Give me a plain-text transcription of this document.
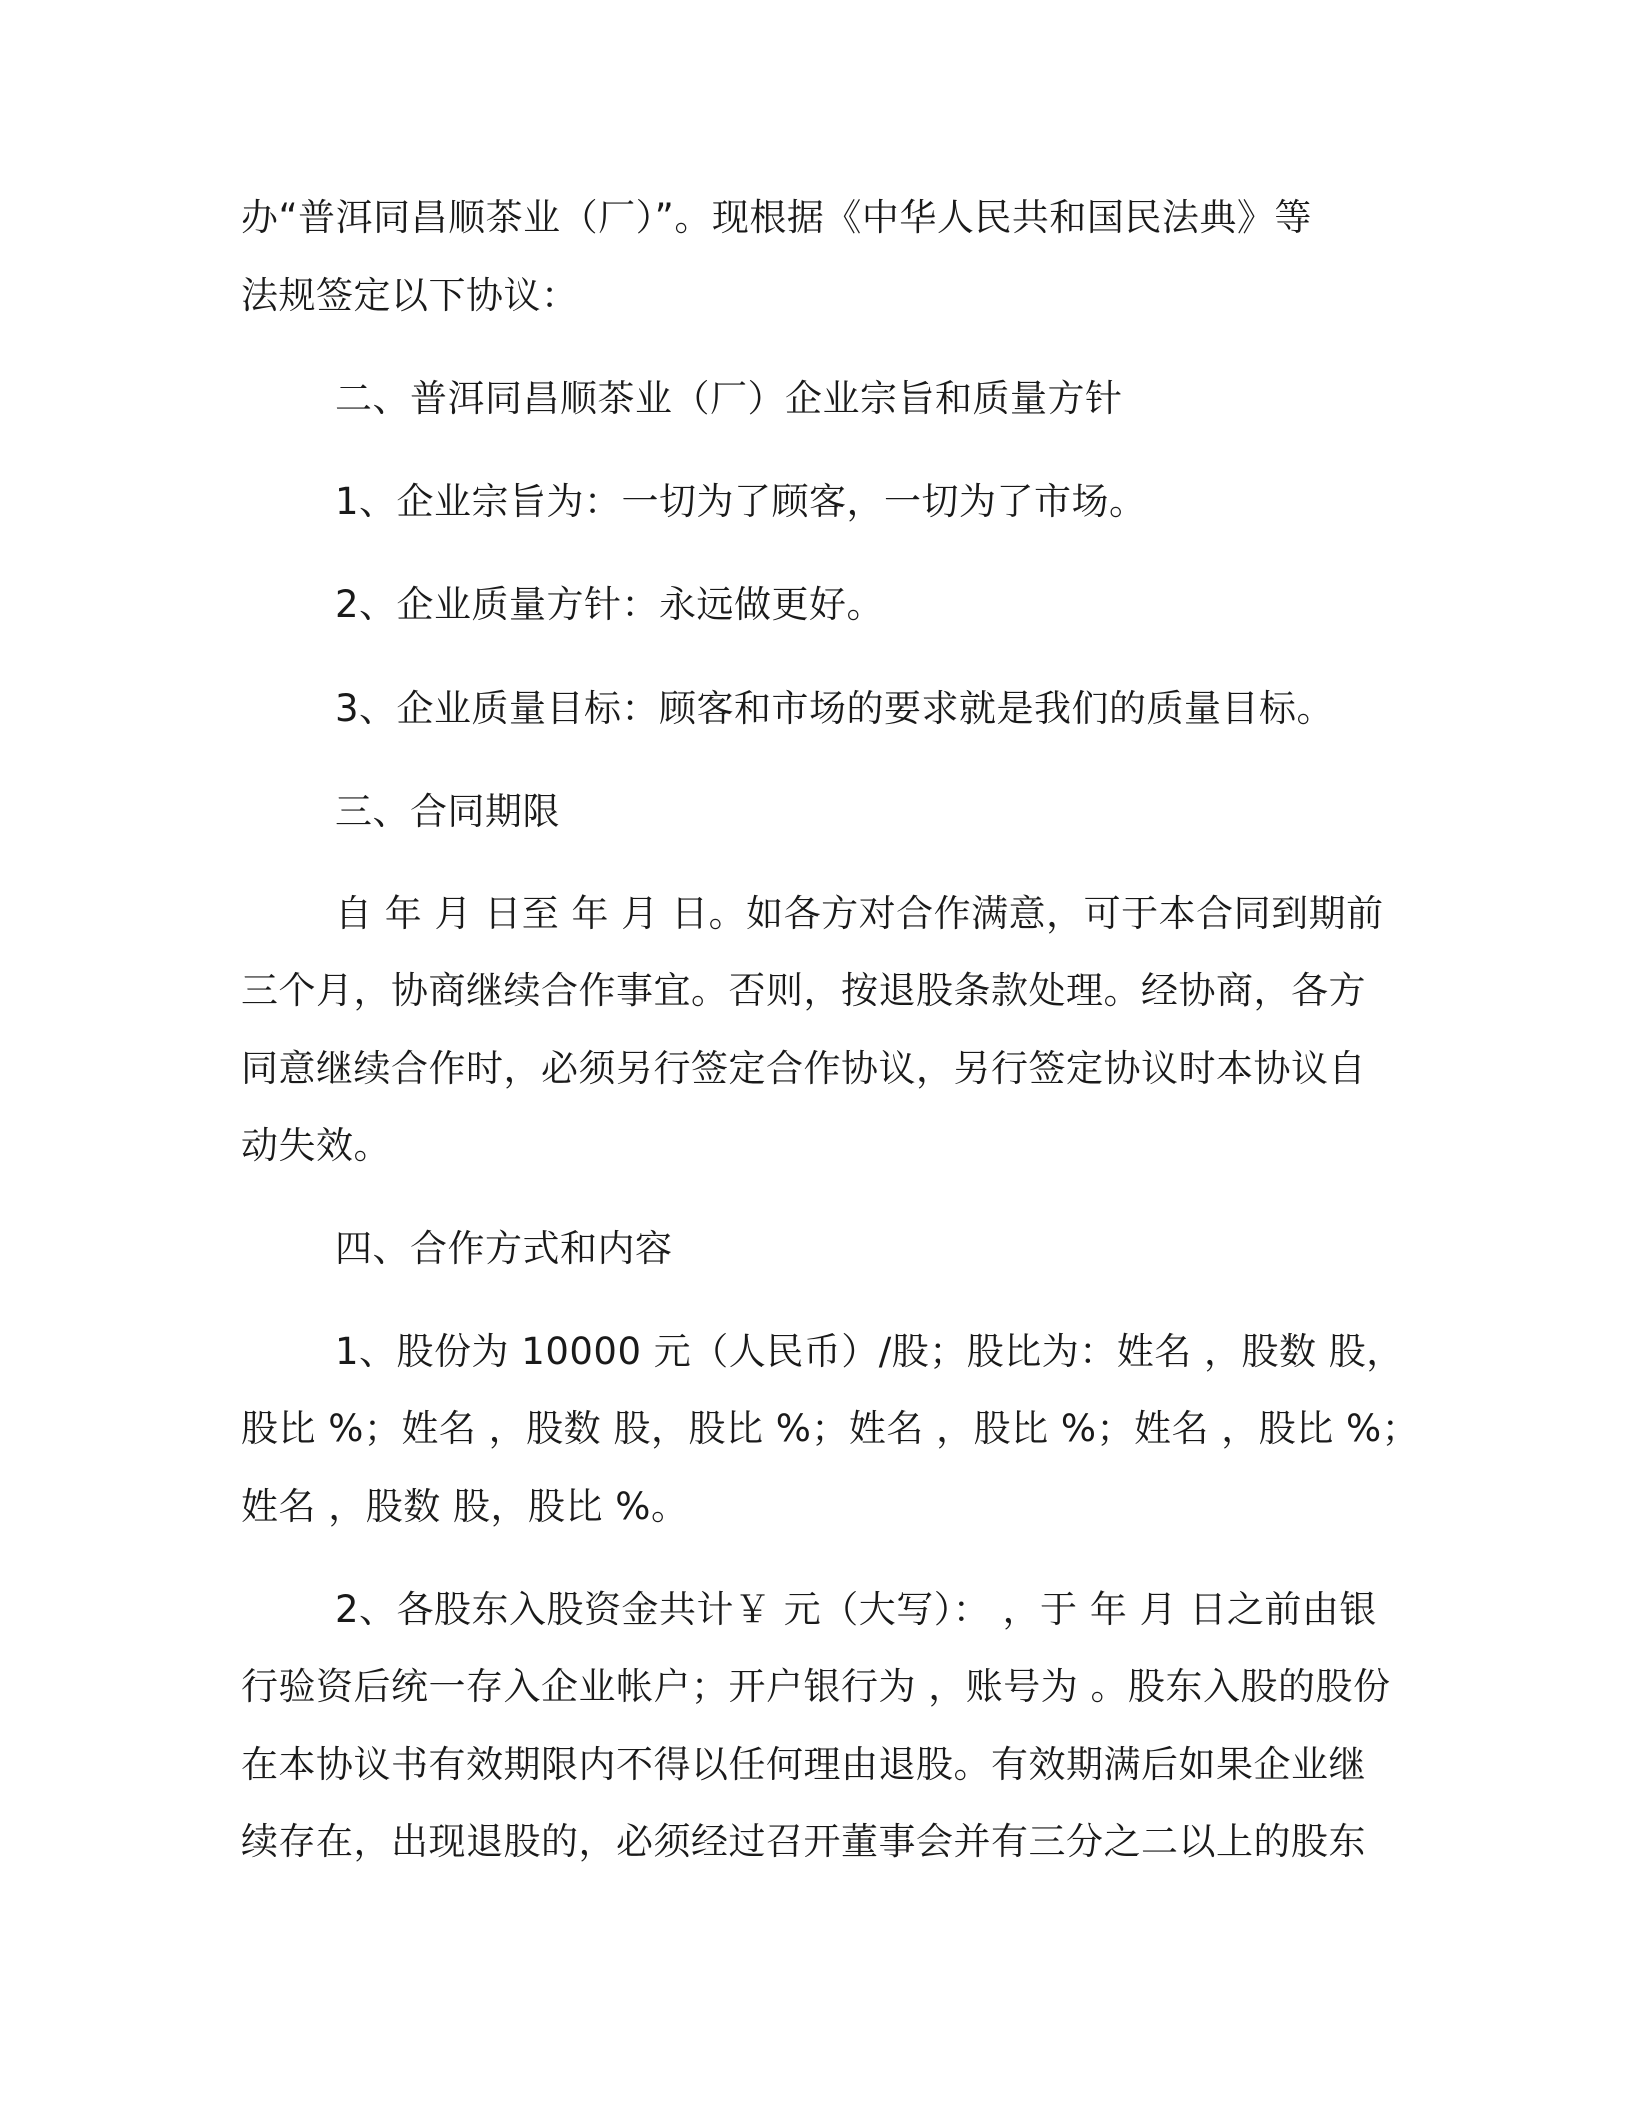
办“普洱同昌顺茶业（厂）”。现根据《中华人民共和国民法典》等
法规签定以下协议：
二、普洱同昌顺茶业（厂）企业宗旨和质量方针
1、企业宗旨为：一切为了顾客，一切为了市场。
2、企业质量方针：永远做更好。
3、企业质量目标：顾客和市场的要求就是我们的质量目标。
三、合同期限
自 年 月 日至 年 月 日。如各方对合作满意，可于本合同到期前
三个月，协商继续合作事宜。否则，按退股条款处理。经协商，各方
同意继续合作时，必须另行签定合作协议，另行签定协议时本协议自
动失效。
四、合作方式和内容
1、股份为 10000 元（人民币）/股；股比为：姓名 ，股数 股，
股比 %；姓名 ，股数 股，股比 %；姓名 ，股比 %；姓名 ，股比 %；
姓名 ，股数 股，股比 %。
2、各股东入股资金共计￥ 元（大写）： ，于 年 月 日之前由银
行验资后统一存入企业帐户；开户银行为 ，账号为 。股东入股的股份
在本协议书有效期限内不得以任何理由退股。有效期满后如果企业继
续存在，出现退股的，必须经过召开董事会并有三分之二以上的股东
